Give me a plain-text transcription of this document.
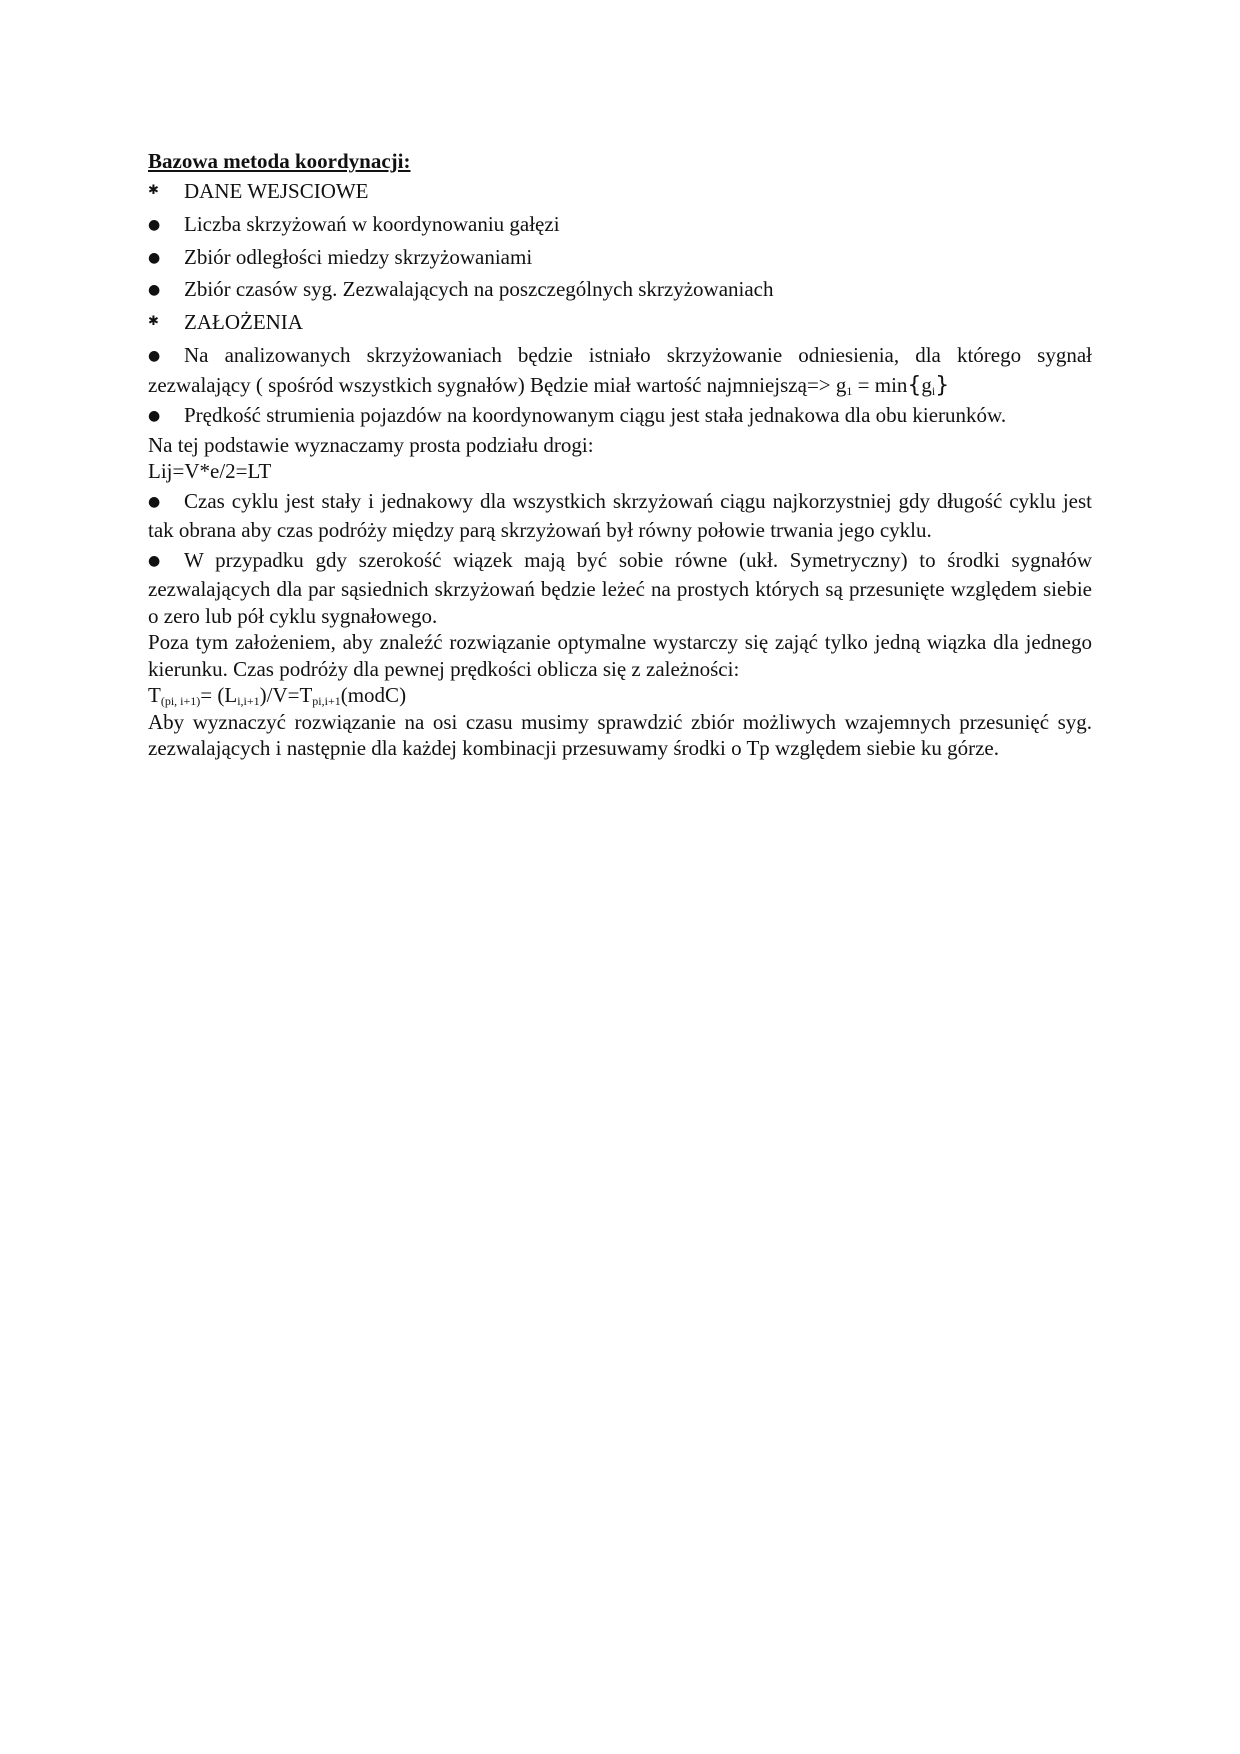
Bazowa metoda koordynacji:

✱	DANE WEJSCIOWE
●	Liczba skrzyżowań w koordynowaniu gałęzi
●	Zbiór odległości miedzy skrzyżowaniami
●	Zbiór czasów syg. Zezwalających na poszczególnych skrzyżowaniach
✱	ZAŁOŻENIA
● Na analizowanych skrzyżowaniach będzie istniało skrzyżowanie odniesienia, dla którego sygnał zezwalający ( spośród wszystkich sygnałów) Będzie miał wartość najmniejszą=> $g_1 = \min\{g_i\}$
● Prędkość strumienia pojazdów na koordynowanym ciągu jest stała jednakowa dla obu kierunków.

Na tej podstawie wyznaczamy prosta podziału drogi:

Lij=V*e/2=LT

● Czas cyklu jest stały i jednakowy dla wszystkich skrzyżowań ciągu najkorzystniej gdy długość cyklu jest tak obrana aby czas podróży między parą skrzyżowań był równy połowie trwania jego cyklu.
● W przypadku gdy szerokość wiązek mają być sobie równe (ukł. Symetryczny) to środki sygnałów zezwalających dla par sąsiednich skrzyżowań będzie leżeć na prostych których są przesunięte względem siebie o zero lub pół cyklu sygnałowego.

Poza tym założeniem, aby znaleźć rozwiązanie optymalne wystarczy się zająć tylko jedną wiązka dla jednego kierunku. Czas podróży dla pewnej prędkości oblicza się z zależności:

$T_{(pi, i+1)}=$ $(L_{i,i+1})/V=T_{pi,i+1}(modC)$

Aby wyznaczyć rozwiązanie na osi czasu musimy sprawdzić zbiór możliwych wzajemnych przesunięć syg. zezwalających i następnie dla każdej kombinacji przesuwamy środki o Tp względem siebie ku górze.
